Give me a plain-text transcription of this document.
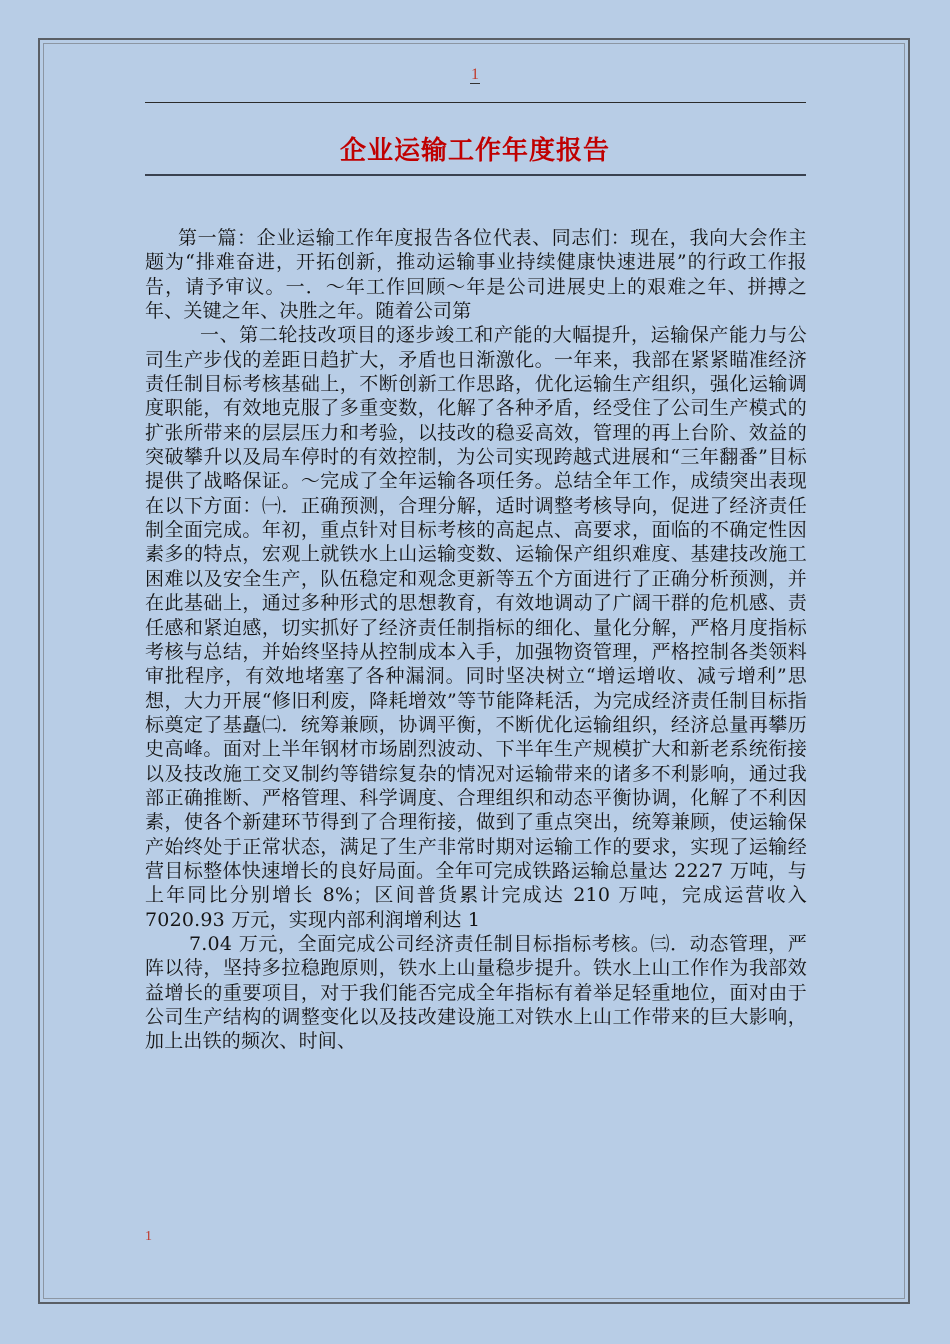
1
企业运输工作年度报告

第一篇：企业运输工作年度报告各位代表、同志们：现在，我向大会作主题为“排难奋进，开拓创新，推动运输事业持续健康快速进展”的行政工作报告，请予审议。一．～年工作回顾～年是公司进展史上的艰难之年、拼搏之年、关键之年、决胜之年。随着公司第

一、第二轮技改项目的逐步竣工和产能的大幅提升，运输保产能力与公司生产步伐的差距日趋扩大，矛盾也日渐激化。一年来，我部在紧紧瞄准经济责任制目标考核基础上，不断创新工作思路，优化运输生产组织，强化运输调度职能，有效地克服了多重变数，化解了各种矛盾，经受住了公司生产模式的扩张所带来的层层压力和考验，以技改的稳妥高效，管理的再上台阶、效益的突破攀升以及局车停时的有效控制，为公司实现跨越式进展和“三年翻番”目标提供了战略保证。～完成了全年运输各项任务。总结全年工作，成绩突出表现在以下方面：㈠．正确预测，合理分解，适时调整考核导向，促进了经济责任制全面完成。年初，重点针对目标考核的高起点、高要求，面临的不确定性因素多的特点，宏观上就铁水上山运输变数、运输保产组织难度、基建技改施工困难以及安全生产，队伍稳定和观念更新等五个方面进行了正确分析预测，并在此基础上，通过多种形式的思想教育，有效地调动了广阔干群的危机感、责任感和紧迫感，切实抓好了经济责任制指标的细化、量化分解，严格月度指标考核与总结，并始终坚持从控制成本入手，加强物资管理，严格控制各类领料审批程序，有效地堵塞了各种漏洞。同时坚决树立“增运增收、减亏增利”思想，大力开展“修旧利废，降耗增效”等节能降耗活，为完成经济责任制目标指标奠定了基矗㈡．统筹兼顾，协调平衡，不断优化运输组织，经济总量再攀历史高峰。面对上半年钢材市场剧烈波动、下半年生产规模扩大和新老系统衔接以及技改施工交叉制约等错综复杂的情况对运输带来的诸多不利影响，通过我部正确推断、严格管理、科学调度、合理组织和动态平衡协调，化解了不利因素，使各个新建环节得到了合理衔接，做到了重点突出，统筹兼顾，使运输保产始终处于正常状态，满足了生产非常时期对运输工作的要求，实现了运输经营目标整体快速增长的良好局面。全年可完成铁路运输总量达 2227 万吨，与上年同比分别增长 8%；区间普货累计完成达 210 万吨，完成运营收入 7020.93 万元，实现内部利润增利达 1

7.04 万元，全面完成公司经济责任制目标指标考核。㈢．动态管理，严阵以待，坚持多拉稳跑原则，铁水上山量稳步提升。铁水上山工作作为我部效益增长的重要项目，对于我们能否完成全年指标有着举足轻重地位，面对由于公司生产结构的调整变化以及技改建设施工对铁水上山工作带来的巨大影响，加上出铁的频次、时间、

1
